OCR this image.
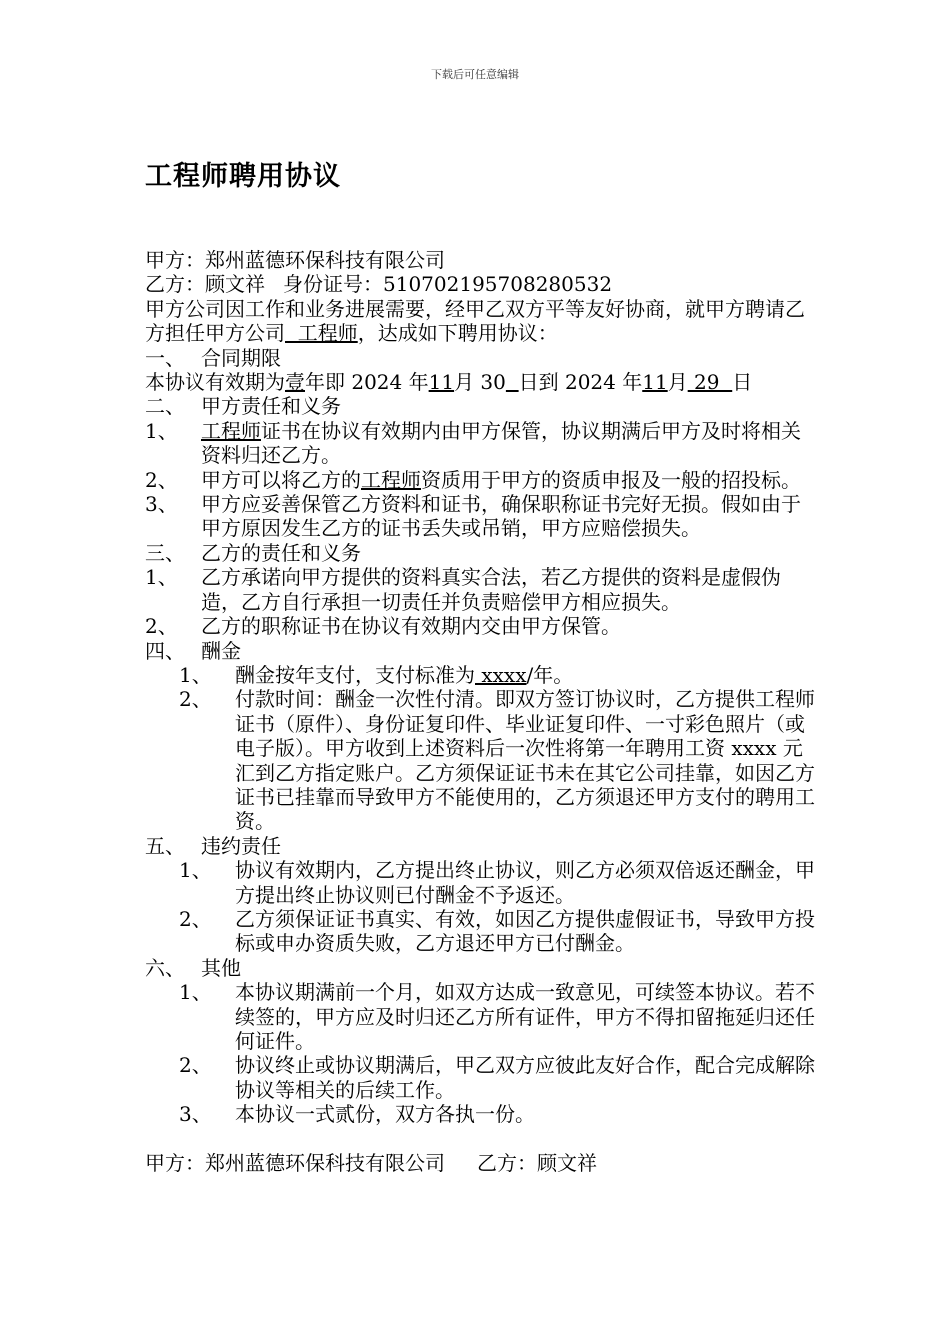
下载后可任意编辑
工程师聘用协议
甲方：郑州蓝德环保科技有限公司
乙方：顾文祥 身份证号：510702195708280532
甲方公司因工作和业务进展需要，经甲乙双方平等友好协商，就甲方聘请乙方担任甲方公司  工程师，达成如下聘用协议：
一、 合同期限
本协议有效期为壹年即 2024 年11月 30 日到 2024 年11月 29  日
二、 甲方责任和义务
1、	工程师证书在协议有效期内由甲方保管，协议期满后甲方及时将相关资料归还乙方。
2、	甲方可以将乙方的工程师资质用于甲方的资质申报及一般的招投标。
3、	甲方应妥善保管乙方资料和证书，确保职称证书完好无损。假如由于甲方原因发生乙方的证书丢失或吊销，甲方应赔偿损失。
三、 乙方的责任和义务
1、	乙方承诺向甲方提供的资料真实合法，若乙方提供的资料是虚假伪造，乙方自行承担一切责任并负责赔偿甲方相应损失。
2、	乙方的职称证书在协议有效期内交由甲方保管。
四、 酬金
1、	酬金按年支付，支付标准为 xxxx/年。
2、	付款时间：酬金一次性付清。即双方签订协议时，乙方提供工程师证书（原件）、身份证复印件、毕业证复印件、一寸彩色照片（或电子版）。甲方收到上述资料后一次性将第一年聘用工资 xxxx 元汇到乙方指定账户。乙方须保证证书未在其它公司挂靠，如因乙方证书已挂靠而导致甲方不能使用的，乙方须退还甲方支付的聘用工资。
五、 违约责任
1、	协议有效期内，乙方提出终止协议，则乙方必须双倍返还酬金，甲方提出终止协议则已付酬金不予返还。
2、	乙方须保证证书真实、有效，如因乙方提供虚假证书，导致甲方投标或申办资质失败，乙方退还甲方已付酬金。
六、 其他
1、	本协议期满前一个月，如双方达成一致意见，可续签本协议。若不续签的，甲方应及时归还乙方所有证件，甲方不得扣留拖延归还任何证件。
2、	协议终止或协议期满后，甲乙双方应彼此友好合作，配合完成解除协议等相关的后续工作。
3、	本协议一式贰份，双方各执一份。
甲方：郑州蓝德环保科技有限公司 乙方：顾文祥
